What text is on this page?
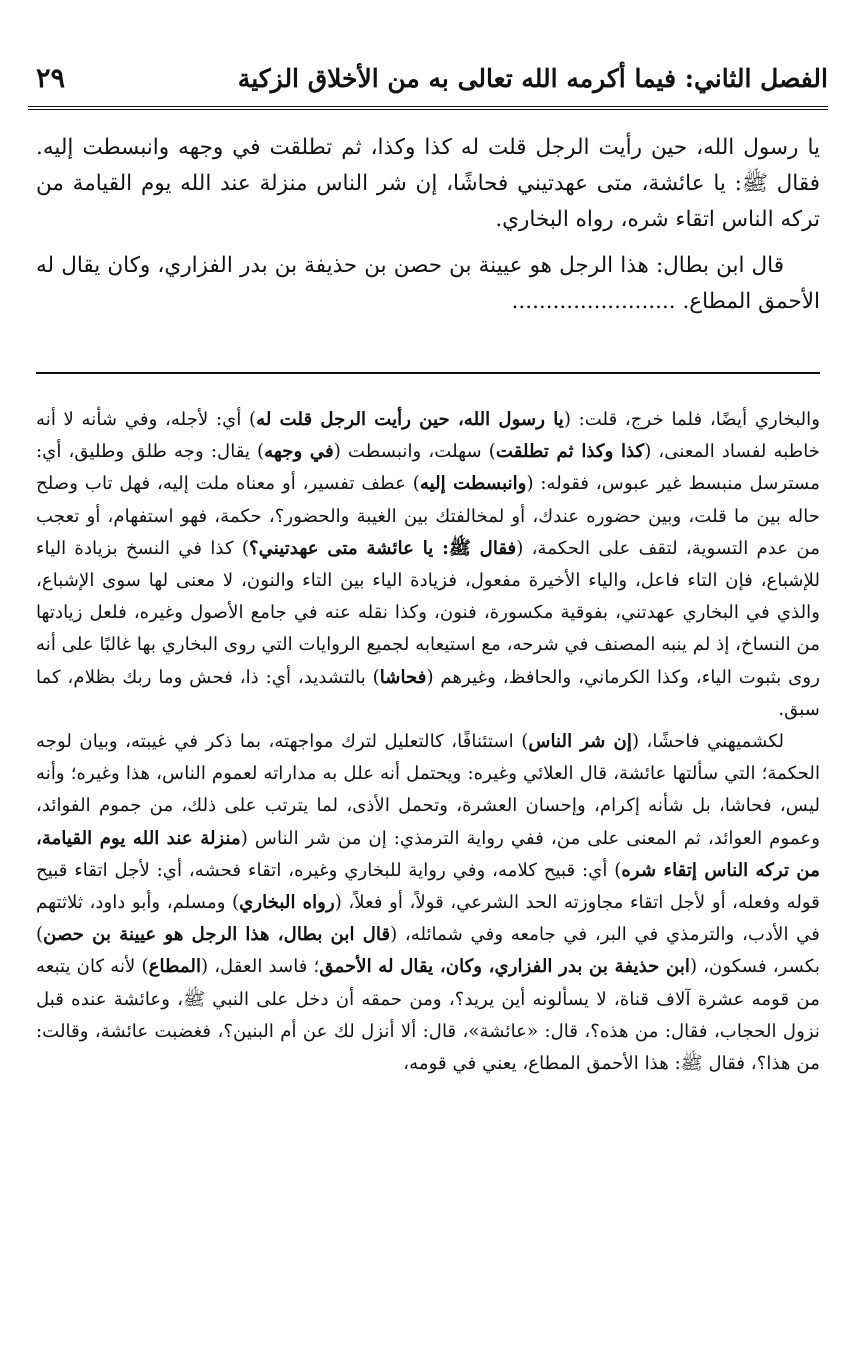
الفصل الثاني: فيما أكرمه الله تعالى به من الأخلاق الزكية
٢٩

يا رسول الله، حين رأيت الرجل قلت له كذا وكذا، ثم تطلقت في وجهه وانبسطت إليه. فقال ﷺ: يا عائشة، متى عهدتيني فحاشًا، إن شر الناس منزلة عند الله يوم القيامة من تركه الناس اتقاء شره، رواه البخاري.

قال ابن بطال: هذا الرجل هو عيينة بن حصن بن حذيفة بن بدر الفزاري، وكان يقال له الأحمق المطاع. ........................

والبخاري أيضًا، فلما خرج، قلت: (يا رسول الله، حين رأيت الرجل قلت له) أي: لأجله، وفي شأنه لا أنه خاطبه لفساد المعنى، (كذا وكذا ثم تطلقت) سهلت، وانبسطت (في وجهه) يقال: وجه طلق وطليق، أي: مسترسل منبسط غير عبوس، فقوله: (وانبسطت إليه) عطف تفسير، أو معناه ملت إليه، فهل تاب وصلح حاله بين ما قلت، وبين حضوره عندك، أو لمخالفتك بين الغيبة والحضور؟، حكمة، فهو استفهام، أو تعجب من عدم التسوية، لتقف على الحكمة، (فقال ﷺ: يا عائشة متى عهدتيني؟) كذا في النسخ بزيادة الياء للإشباع، فإن التاء فاعل، والياء الأخيرة مفعول، فزيادة الياء بين التاء والنون، لا معنى لها سوى الإشباع، والذي في البخاري عهدتني، بفوقية مكسورة، فنون، وكذا نقله عنه في جامع الأصول وغيره، فلعل زيادتها من النساخ، إذ لم ينبه المصنف في شرحه، مع استيعابه لجميع الروايات التي روى البخاري بها غالبًا على أنه روى بثبوت الياء، وكذا الكرماني، والحافظ، وغيرهم (فحاشا) بالتشديد، أي: ذا، فحش وما ربك بظلام، كما سبق.

لكشميهني فاحشًا، (إن شر الناس) استئنافًا، كالتعليل لترك مواجهته، بما ذكر في غيبته، وبيان لوجه الحكمة؛ التي سألتها عائشة، قال العلائي وغيره: ويحتمل أنه علل به مداراته لعموم الناس، هذا وغيره؛ وأنه ليس، فحاشا، بل شأنه إكرام، وإحسان العشرة، وتحمل الأذى، لما يترتب على ذلك، من جموم الفوائد، وعموم العوائد، ثم المعنى على من، ففي رواية الترمذي: إن من شر الناس (منزلة عند الله يوم القيامة، من تركه الناس إتقاء شره) أي: قبيح كلامه، وفي رواية للبخاري وغيره، اتقاء فحشه، أي: لأجل اتقاء قبيح قوله وفعله، أو لأجل اتقاء مجاوزته الحد الشرعي، قولاً، أو فعلاً، (رواه البخاري) ومسلم، وأبو داود، ثلاثتهم في الأدب، والترمذي في البر، في جامعه وفي شمائله، (قال ابن بطال، هذا الرجل هو عيينة بن حصن) بكسر، فسكون، (ابن حذيفة بن بدر الفزاري، وكان، يقال له الأحمق؛ فاسد العقل، (المطاع) لأنه كان يتبعه من قومه عشرة آلاف قناة، لا يسألونه أين يريد؟، ومن حمقه أن دخل على النبي ﷺ، وعائشة عنده قبل نزول الحجاب، فقال: من هذه؟، قال: «عائشة»، قال: ألا أنزل لك عن أم البنين؟، فغضبت عائشة، وقالت: من هذا؟، فقال ﷺ: هذا الأحمق المطاع، يعني في قومه،
